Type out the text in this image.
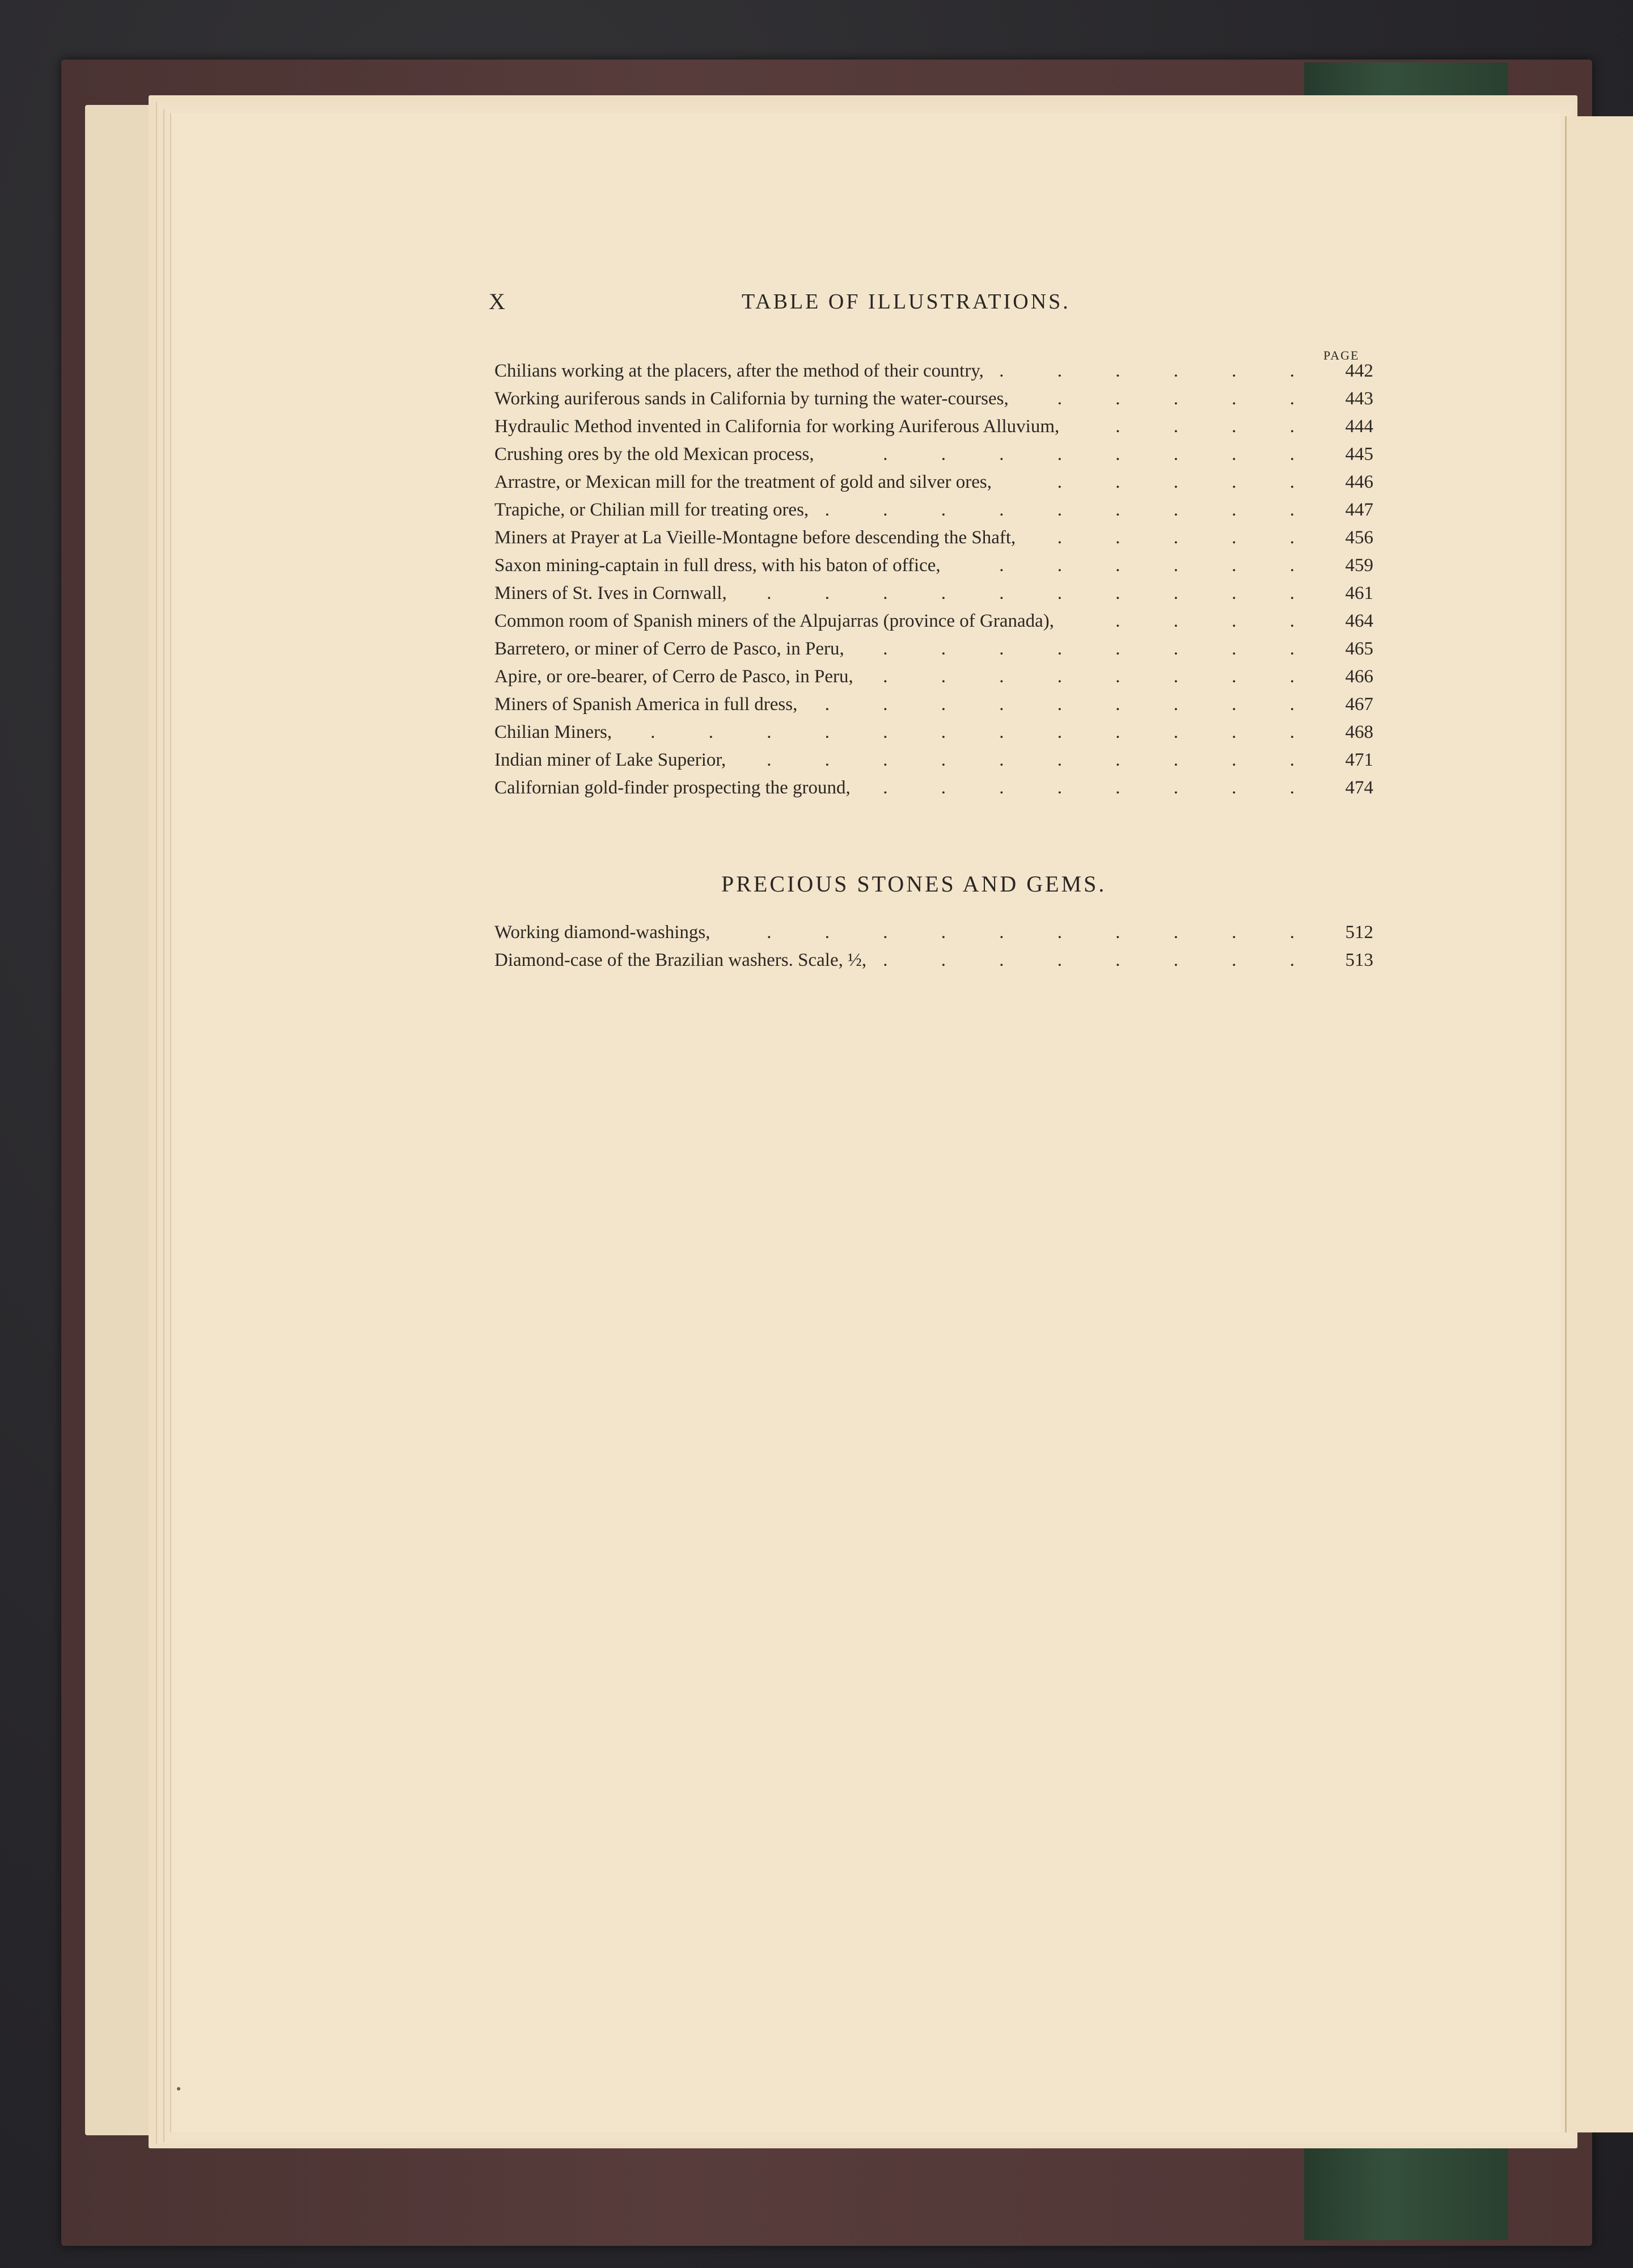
X	TABLE OF ILLUSTRATIONS.
PAGE
Chilians working at the placers, after the method of their country, . . . . . .	442
Working auriferous sands in California by turning the water-courses,	. . . . .	443
Hydraulic Method invented in California for working Auriferous Alluvium,	. . . .	444
Crushing ores by the old Mexican process,	. . . . . . . .	445
Arrastre, or Mexican mill for the treatment of gold and silver ores,	. . . . .	446
Trapiche, or Chilian mill for treating ores, . . . . . . . . .	447
Miners at Prayer at La Vieille-Montagne before descending the Shaft, . . . . .	456
Saxon mining-captain in full dress, with his baton of office,	. . . . . .	459
Miners of St. Ives in Cornwall, . . . . . . . . . .	461
Common room of Spanish miners of the Alpujarras (province of Granada),	. . . .	464
Barretero, or miner of Cerro de Pasco, in Peru, . . . . . . . .	465
Apire, or ore-bearer, of Cerro de Pasco, in Peru, . . . . . . . .	466
Miners of Spanish America in full dress, . . . . . . . . .	467
Chilian Miners, . . . . . . . . . . . .	468
Indian miner of Lake Superior, . . . . . . . . . .	471
Californian gold-finder prospecting the ground, . . . . . . . .	474
PRECIOUS STONES AND GEMS.
Working diamond-washings,	. . . . . . . . . .	512
Diamond-case of the Brazilian washers. Scale, ½, . . . . . . . .	513
